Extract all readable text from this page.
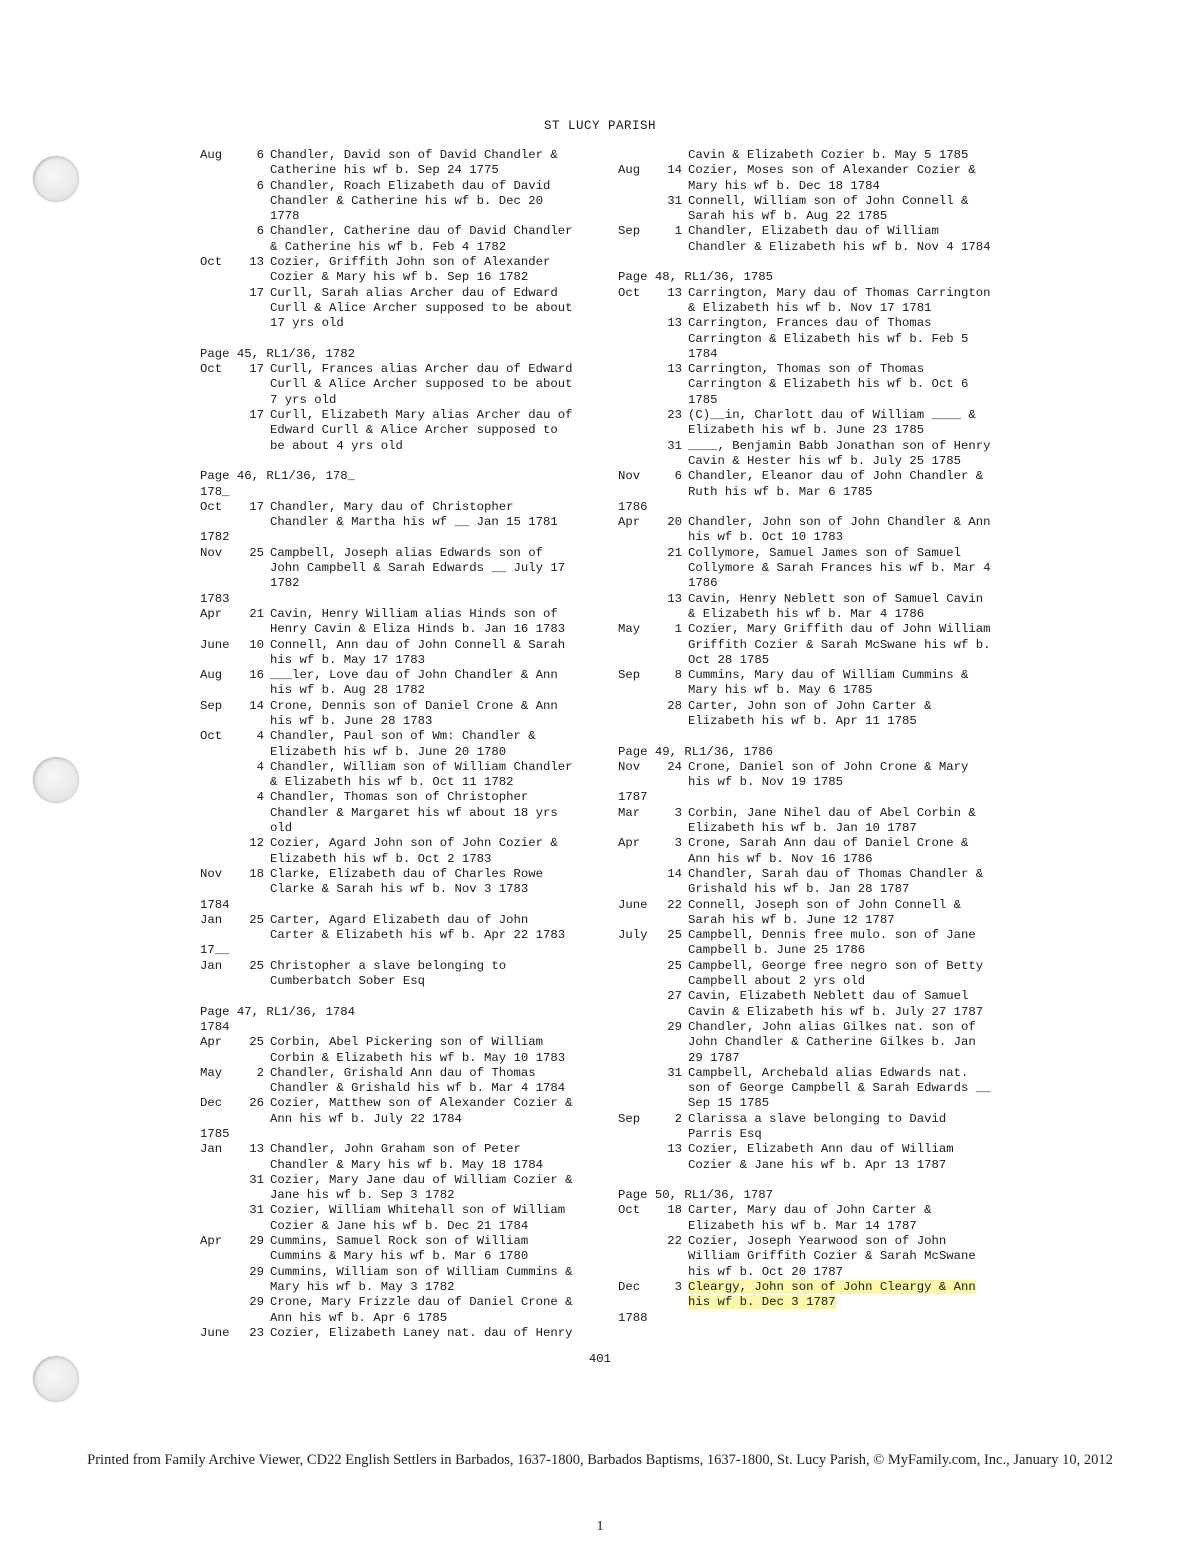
ST LUCY PARISH
Aug	6 Chandler, David son of David Chandler &
Catherine his wf b. Sep 24 1775
6 Chandler, Roach Elizabeth dau of David
Chandler & Catherine his wf b. Dec 20
1778
6 Chandler, Catherine dau of David Chandler
& Catherine his wf b. Feb 4 1782
Oct 13 Cozier, Griffith John son of Alexander
Cozier & Mary his wf b. Sep 16 1782
17 Curll, Sarah alias Archer dau of Edward
Curll & Alice Archer supposed to be about
17 yrs old
Page 45, RL1/36, 1782
Oct 17 Curll, Frances alias Archer dau of Edward
Curll & Alice Archer supposed to be about
7 yrs old
17 Curll, Elizabeth Mary alias Archer dau of
Edward Curll & Alice Archer supposed to
be about 4 yrs old
Page 46, RL1/36, 178_
178_
Oct 17 Chandler, Mary dau of Christopher
Chandler & Martha his wf __ Jan 15 1781
1782
Nov 25 Campbell, Joseph alias Edwards son of
John Campbell & Sarah Edwards __ July 17
1782
1783
Apr 21 Cavin, Henry William alias Hinds son of
Henry Cavin & Eliza Hinds b. Jan 16 1783
June 10 Connell, Ann dau of John Connell & Sarah
his wf b. May 17 1783
Aug 16 ___ler, Love dau of John Chandler & Ann
his wf b. Aug 28 1782
Sep 14 Crone, Dennis son of Daniel Crone & Ann
his wf b. June 28 1783
Oct	4 Chandler, Paul son of Wm: Chandler &
Elizabeth his wf b. June 20 1780
4 Chandler, William son of William Chandler
& Elizabeth his wf b. Oct 11 1782
4 Chandler, Thomas son of Christopher
Chandler & Margaret his wf about 18 yrs
old
12 Cozier, Agard John son of John Cozier &
Elizabeth his wf b. Oct 2 1783
Nov 18 Clarke, Elizabeth dau of Charles Rowe
Clarke & Sarah his wf b. Nov 3 1783
1784
Jan 25 Carter, Agard Elizabeth dau of John
Carter & Elizabeth his wf b. Apr 22 1783
17__
Jan 25 Christopher a slave belonging to
Cumberbatch Sober Esq
Page 47, RL1/36, 1784
1784
Apr 25 Corbin, Abel Pickering son of William
Corbin & Elizabeth his wf b. May 10 1783
May	2 Chandler, Grishald Ann dau of Thomas
Chandler & Grishald his wf b. Mar 4 1784
Dec 26 Cozier, Matthew son of Alexander Cozier &
Ann his wf b. July 22 1784
1785
Jan 13 Chandler, John Graham son of Peter
Chandler & Mary his wf b. May 18 1784
31 Cozier, Mary Jane dau of William Cozier &
Jane his wf b. Sep 3 1782
31 Cozier, William Whitehall son of William
Cozier & Jane his wf b. Dec 21 1784
Apr 29 Cummins, Samuel Rock son of William
Cummins & Mary his wf b. Mar 6 1780
29 Cummins, William son of William Cummins &
Mary his wf b. May 3 1782
29 Crone, Mary Frizzle dau of Daniel Crone &
Ann his wf b. Apr 6 1785
June 23 Cozier, Elizabeth Laney nat. dau of Henry
Cavin & Elizabeth Cozier b. May 5 1785
Aug 14 Cozier, Moses son of Alexander Cozier &
Mary his wf b. Dec 18 1784
31 Connell, William son of John Connell &
Sarah his wf b. Aug 22 1785
Sep	1 Chandler, Elizabeth dau of William
Chandler & Elizabeth his wf b. Nov 4 1784
Page 48, RL1/36, 1785
Oct 13 Carrington, Mary dau of Thomas Carrington
& Elizabeth his wf b. Nov 17 1781
13 Carrington, Frances dau of Thomas
Carrington & Elizabeth his wf b. Feb 5
1784
13 Carrington, Thomas son of Thomas
Carrington & Elizabeth his wf b. Oct 6
1785
23 (C)__in, Charlott dau of William ____ &
Elizabeth his wf b. June 23 1785
31 ____, Benjamin Babb Jonathan son of Henry
Cavin & Hester his wf b. July 25 1785
Nov	6 Chandler, Eleanor dau of John Chandler &
Ruth his wf b. Mar 6 1785
1786
Apr 20 Chandler, John son of John Chandler & Ann
his wf b. Oct 10 1783
21 Collymore, Samuel James son of Samuel
Collymore & Sarah Frances his wf b. Mar 4
1786
13 Cavin, Henry Neblett son of Samuel Cavin
& Elizabeth his wf b. Mar 4 1786
May	1 Cozier, Mary Griffith dau of John William
Griffith Cozier & Sarah McSwane his wf b.
Oct 28 1785
Sep	8 Cummins, Mary dau of William Cummins &
Mary his wf b. May 6 1785
28 Carter, John son of John Carter &
Elizabeth his wf b. Apr 11 1785
Page 49, RL1/36, 1786
Nov 24 Crone, Daniel son of John Crone & Mary
his wf b. Nov 19 1785
1787
Mar	3 Corbin, Jane Nihel dau of Abel Corbin &
Elizabeth his wf b. Jan 10 1787
Apr	3 Crone, Sarah Ann dau of Daniel Crone &
Ann his wf b. Nov 16 1786
14 Chandler, Sarah dau of Thomas Chandler &
Grishald his wf b. Jan 28 1787
June 22 Connell, Joseph son of John Connell &
Sarah his wf b. June 12 1787
July 25 Campbell, Dennis free mulo. son of Jane
Campbell b. June 25 1786
25 Campbell, George free negro son of Betty
Campbell about 2 yrs old
27 Cavin, Elizabeth Neblett dau of Samuel
Cavin & Elizabeth his wf b. July 27 1787
29 Chandler, John alias Gilkes nat. son of
John Chandler & Catherine Gilkes b. Jan
29 1787
31 Campbell, Archebald alias Edwards nat.
son of George Campbell & Sarah Edwards __
Sep 15 1785
Sep	2 Clarissa a slave belonging to David
Parris Esq
13 Cozier, Elizabeth Ann dau of William
Cozier & Jane his wf b. Apr 13 1787
Page 50, RL1/36, 1787
Oct 18 Carter, Mary dau of John Carter &
Elizabeth his wf b. Mar 14 1787
22 Cozier, Joseph Yearwood son of John
William Griffith Cozier & Sarah McSwane
his wf b. Oct 20 1787
Dec	3 Cleargy, John son of John Cleargy & Ann
his wf b. Dec 3 1787
1788
401
Printed from Family Archive Viewer, CD22 English Settlers in Barbados, 1637-1800, Barbados Baptisms, 1637-1800, St. Lucy Parish, © MyFamily.com, Inc., January 10, 2012
1
